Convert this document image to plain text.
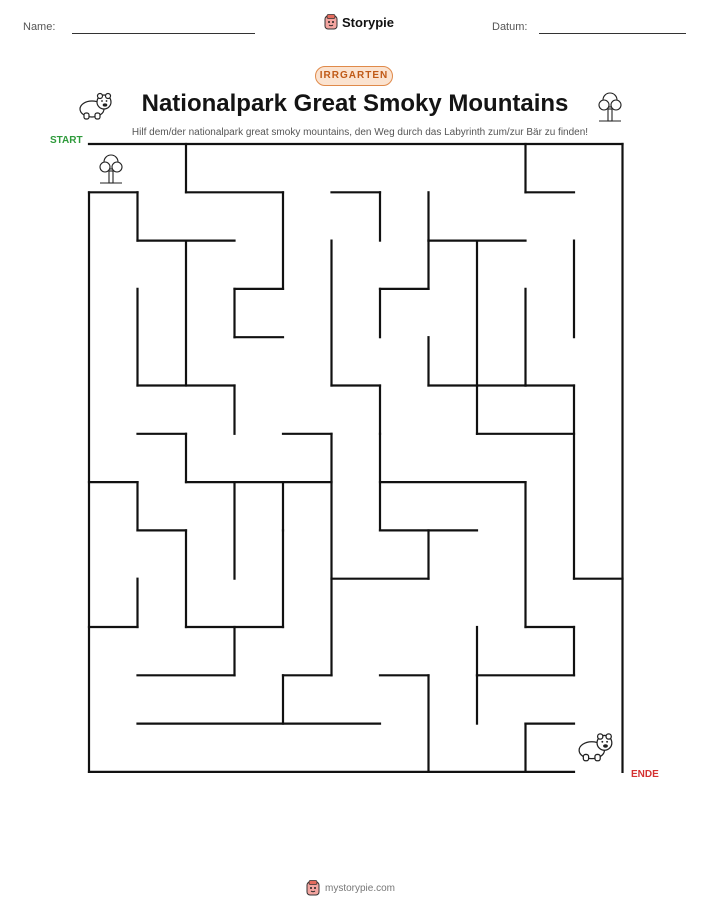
Name:	Storypie	Datum:
IRRGARTEN
Nationalpark Great Smoky Mountains
Hilf dem/der nationalpark great smoky mountains, den Weg durch das Labyrinth zum/zur Bär zu finden!
START
ENDE
mystorypie.com
